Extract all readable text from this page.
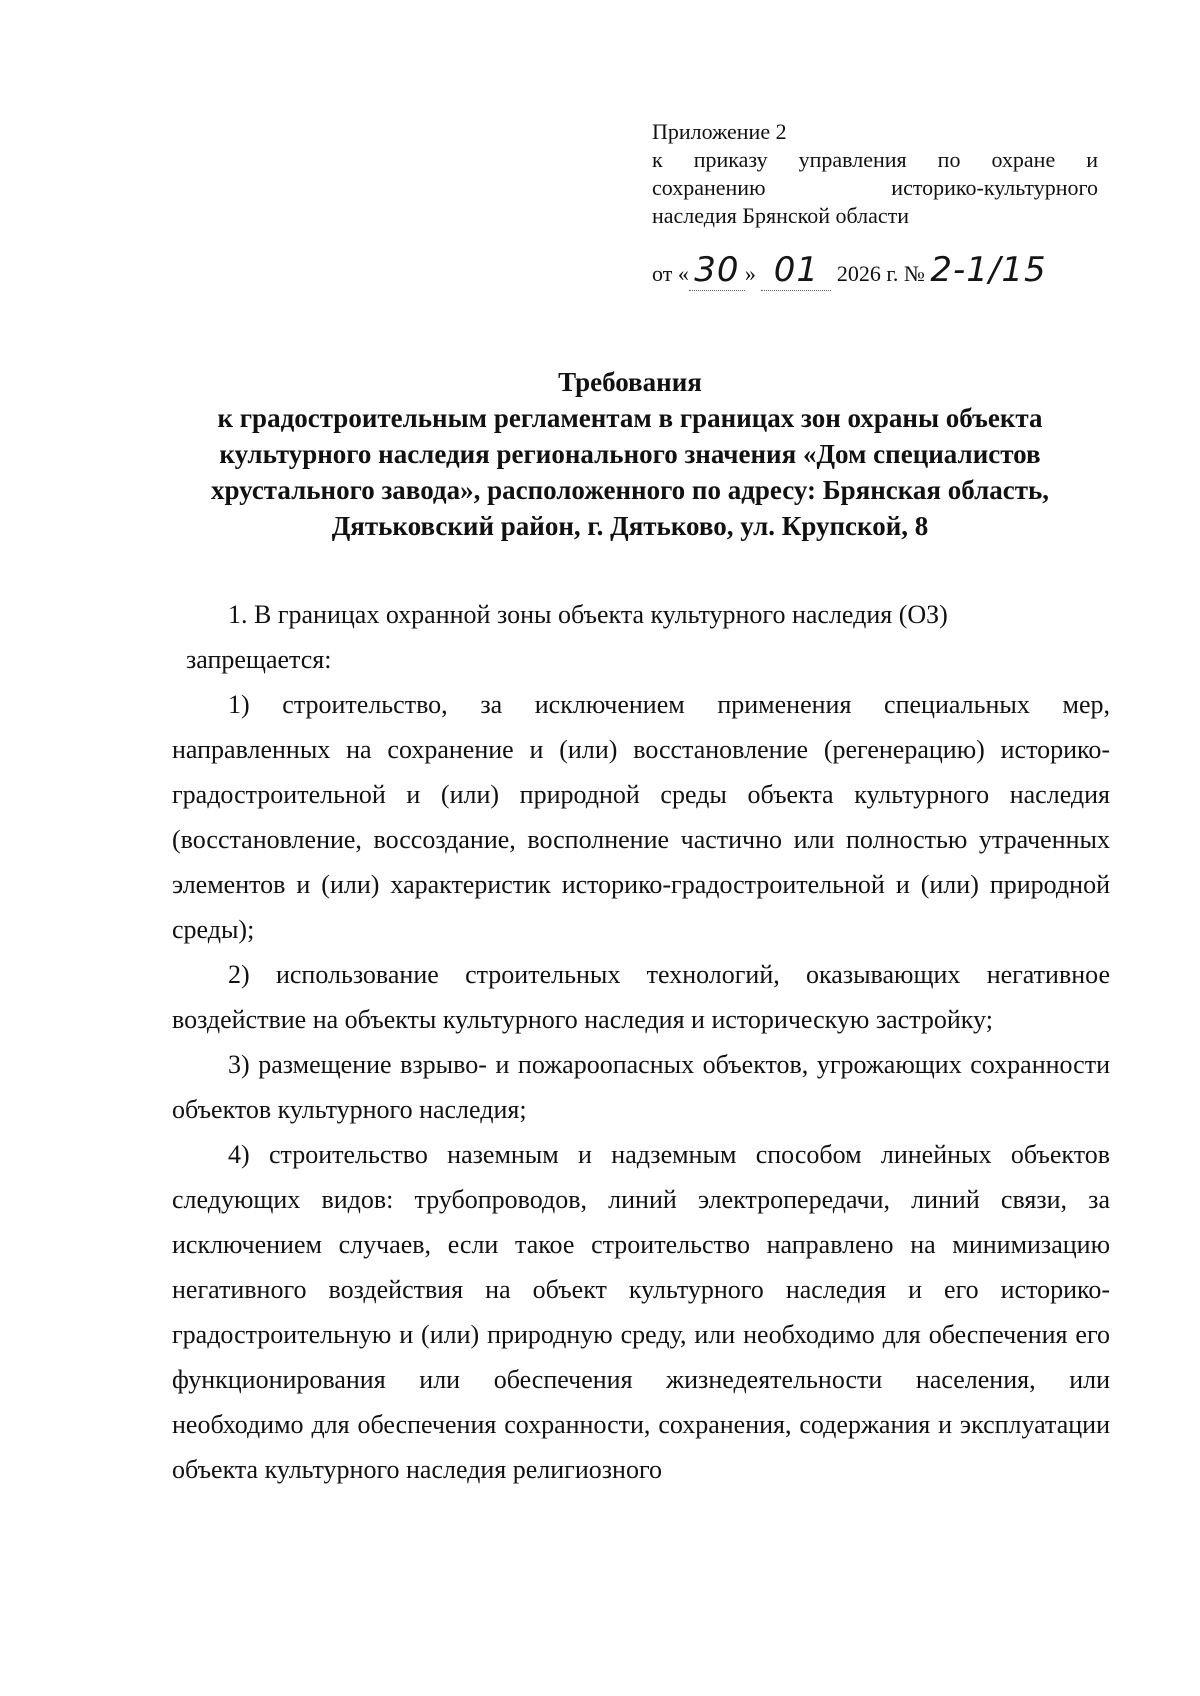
Приложение 2
к приказу управления по охране и
сохранению историко-культурного
наследия Брянской области
от « 30 » 01 2026 г. № 2-1/15
Требования
к градостроительным регламентам в границах зон охраны объекта
культурного наследия регионального значения «Дом специалистов
хрустального завода», расположенного по адресу: Брянская область,
Дятьковский район, г. Дятьково, ул. Крупской, 8

1. В границах охранной зоны объекта культурного наследия (ОЗ)

запрещается:

1) строительство, за исключением применения специальных мер, направленных на сохранение и (или) восстановление (регенерацию) историко-градостроительной и (или) природной среды объекта культурного наследия (восстановление, воссоздание, восполнение частично или полностью утраченных элементов и (или) характеристик историко-градостроительной и (или) природной среды);

2) использование строительных технологий, оказывающих негативное воздействие на объекты культурного наследия и историческую застройку;

3) размещение взрыво- и пожароопасных объектов, угрожающих сохранности объектов культурного наследия;

4) строительство наземным и надземным способом линейных объектов следующих видов: трубопроводов, линий электропередачи, линий связи, за исключением случаев, если такое строительство направлено на минимизацию негативного воздействия на объект культурного наследия и его историко-градостроительную и (или) природную среду, или необходимо для обеспечения его функционирования или обеспечения жизнедеятельности населения, или необходимо для обеспечения сохранности, сохранения, содержания и эксплуатации объекта культурного наследия религиозного
